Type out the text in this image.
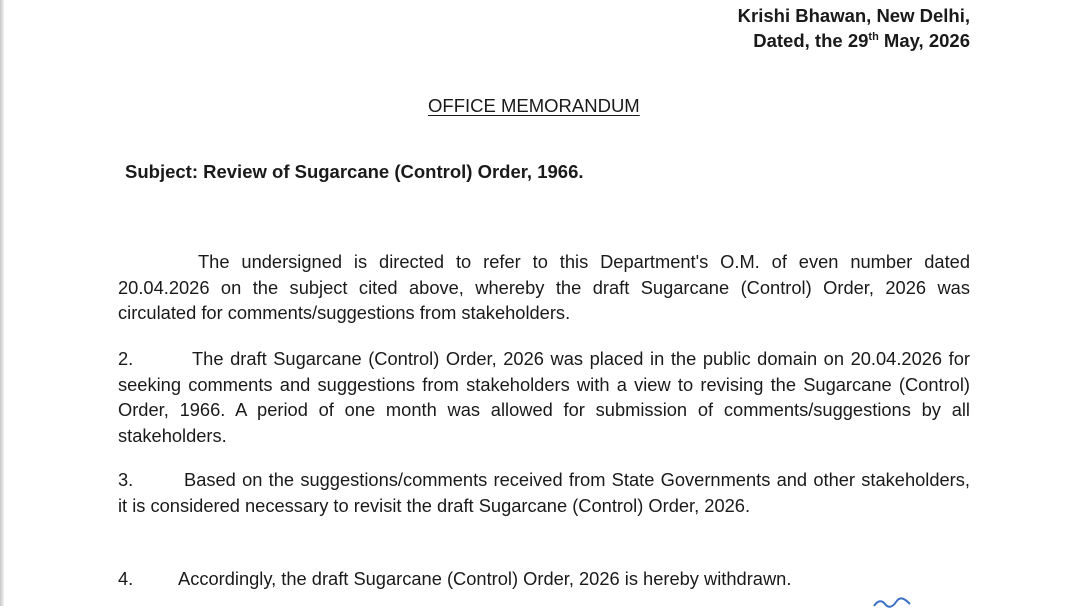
Krishi Bhawan, New Delhi,
Dated, the 29th May, 2026
OFFICE MEMORANDUM
Subject: Review of Sugarcane (Control) Order, 1966.
The undersigned is directed to refer to this Department's O.M. of even number dated 20.04.2026 on the subject cited above, whereby the draft Sugarcane (Control) Order, 2026 was circulated for comments/suggestions from stakeholders.
2.	The draft Sugarcane (Control) Order, 2026 was placed in the public domain on 20.04.2026 for seeking comments and suggestions from stakeholders with a view to revising the Sugarcane (Control) Order, 1966. A period of one month was allowed for submission of comments/suggestions by all stakeholders.
3.	Based on the suggestions/comments received from State Governments and other stakeholders, it is considered necessary to revisit the draft Sugarcane (Control) Order, 2026.
4. Accordingly, the draft Sugarcane (Control) Order, 2026 is hereby withdrawn.
